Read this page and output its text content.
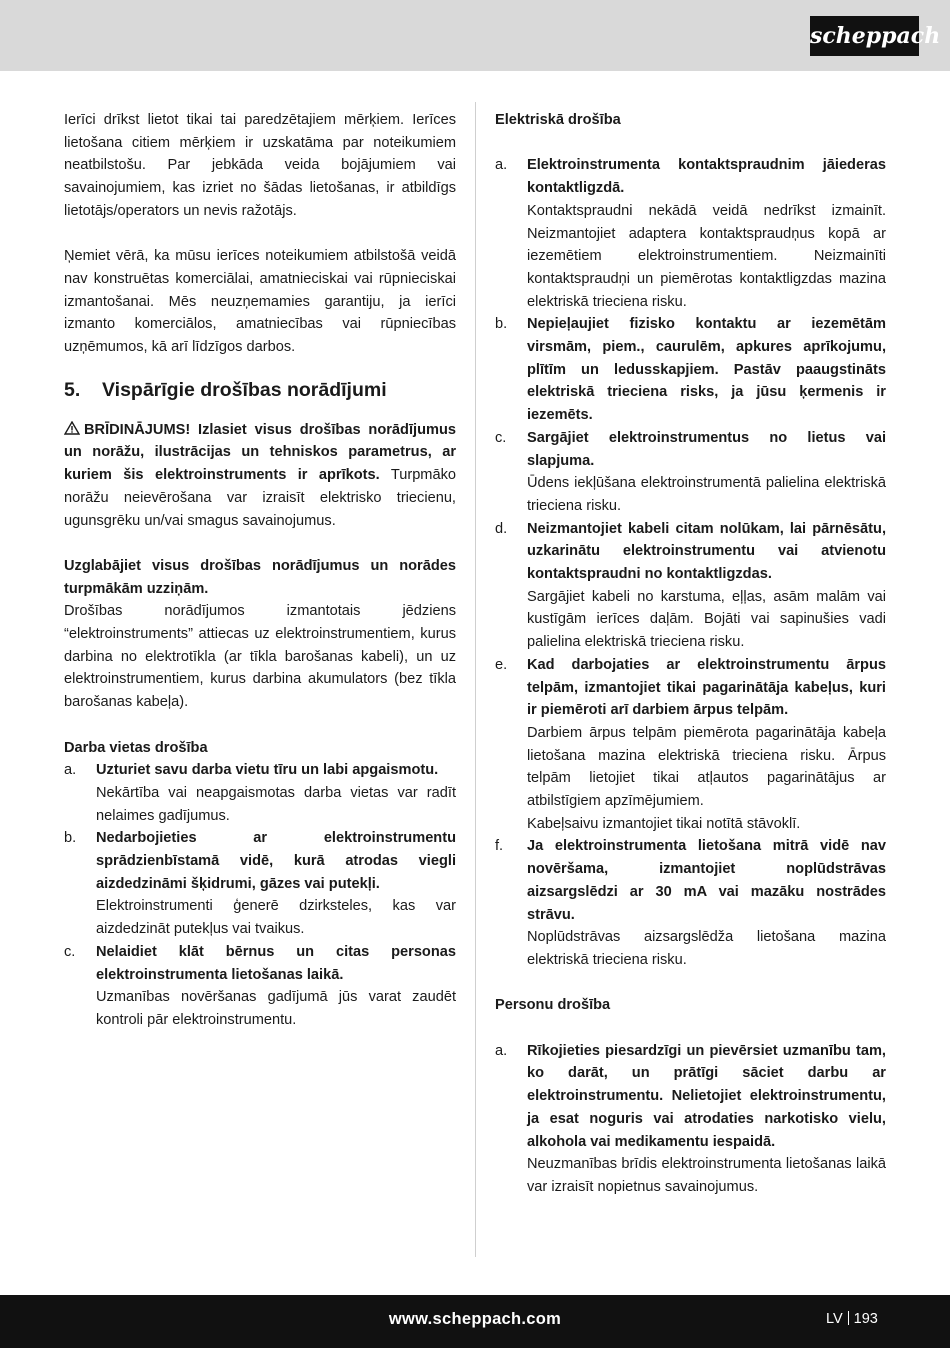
scheppach

Ierīci drīkst lietot tikai tai paredzētajiem mērķiem. Ierīces lietošana citiem mērķiem ir uzskatāma par noteikumiem neatbilstošu. Par jebkāda veida bojājumiem vai savainojumiem, kas izriet no šādas lietošanas, ir atbildīgs lietotājs/operators un nevis ražotājs.

Ņemiet vērā, ka mūsu ierīces noteikumiem atbilstošā veidā nav konstruētas komerciālai, amatnieciskai vai rūpnieciskai izmantošanai. Mēs neuzņemamies garantiju, ja ierīci izmanto komerciālos, amatniecības vai rūpniecības uzņēmumos, kā arī līdzīgos darbos.

5. Vispārīgie drošības norādījumi

BRĪDINĀJUMS! Izlasiet visus drošības norādījumus un norāžu, ilustrācijas un tehniskos parametrus, ar kuriem šis elektroinstruments ir aprīkots. Turpmāko norāžu neievērošana var izraisīt elektrisko triecienu, ugunsgrēku un/vai smagus savainojumus.

Uzglabājiet visus drošības norādījumus un norādes turpmākām uzziņām.

Drošības norādījumos izmantotais jēdziens “elektroinstruments” attiecas uz elektroinstrumentiem, kurus darbina no elektrotīkla (ar tīkla barošanas kabeli), un uz elektroinstrumentiem, kurus darbina akumulators (bez tīkla barošanas kabeļa).

Darba vietas drošība

a. Uzturiet savu darba vietu tīru un labi apgaismotu.

Nekārtība vai neapgaismotas darba vietas var radīt nelaimes gadījumus.

b. Nedarbojieties ar elektroinstrumentu sprādzienbīstamā vidē, kurā atrodas viegli aizdedzināmi šķidrumi, gāzes vai putekļi.

Elektroinstrumenti ģenerē dzirksteles, kas var aizdedzināt putekļus vai tvaikus.

c. Nelaidiet klāt bērnus un citas personas elektroinstrumenta lietošanas laikā.

Uzmanības novēršanas gadījumā jūs varat zaudēt kontroli pār elektroinstrumentu.

Elektriskā drošība

a. Elektroinstrumenta kontaktspraudnim jāiederas kontaktligzdā.

Kontaktspraudni nekādā veidā nedrīkst izmainīt. Neizmantojiet adaptera kontaktspraudņus kopā ar iezemētiem elektroinstrumentiem. Neizmainīti kontaktspraudņi un piemērotas kontaktligzdas mazina elektriskā trieciena risku.

b. Nepieļaujiet fizisko kontaktu ar iezemētām virsmām, piem., caurulēm, apkures aprīkojumu, plītīm un ledusskapjiem. Pastāv paaugstināts elektriskā trieciena risks, ja jūsu ķermenis ir iezemēts.

c. Sargājiet elektroinstrumentus no lietus vai slapjuma.

Ūdens iekļūšana elektroinstrumentā palielina elektriskā trieciena risku.

d. Neizmantojiet kabeli citam nolūkam, lai pārnēsātu, uzkarinātu elektroinstrumentu vai atvienotu kontaktspraudni no kontaktligzdas.

Sargājiet kabeli no karstuma, eļļas, asām malām vai kustīgām ierīces daļām. Bojāti vai sapinušies vadi palielina elektriskā trieciena risku.

e. Kad darbojaties ar elektroinstrumentu ārpus telpām, izmantojiet tikai pagarinātāja kabeļus, kuri ir piemēroti arī darbiem ārpus telpām.

Darbiem ārpus telpām piemērota pagarinātāja kabeļa lietošana mazina elektriskā trieciena risku. Ārpus telpām lietojiet tikai atļautos pagarinātājus ar atbilstīgiem apzīmējumiem.

Kabeļsaivu izmantojiet tikai notītā stāvoklī.

f. Ja elektroinstrumenta lietošana mitrā vidē nav novēršama, izmantojiet noplūdstrāvas aizsargslēdzi ar 30 mA vai mazāku nostrādes strāvu.

Noplūdstrāvas aizsargslēdža lietošana mazina elektriskā trieciena risku.

Personu drošība

a. Rīkojieties piesardzīgi un pievērsiet uzmanību tam, ko darāt, un prātīgi sāciet darbu ar elektroinstrumentu. Nelietojiet elektroinstrumentu, ja esat noguris vai atrodaties narkotisko vielu, alkohola vai medikamentu iespaidā.

Neuzmanības brīdis elektroinstrumenta lietošanas laikā var izraisīt nopietnus savainojumus.

www.scheppach.com	LV 193
